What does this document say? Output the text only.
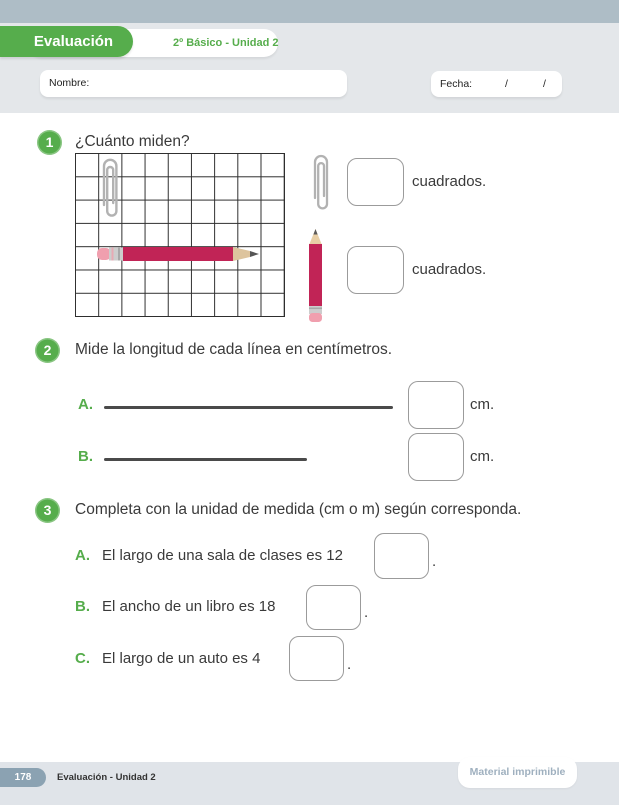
2º Básico - Unidad 2
Evaluación
Nombre:	Fecha:	/	/
1	¿Cuánto miden?
cuadrados.
cuadrados.
2	Mide la longitud de cada línea en centímetros.
A.	cm.
B.	cm.
3	Completa con la unidad de medida (cm o m) según corresponda.
A. El largo de una sala de clases es 12	.
B. El ancho de un libro es 18	.
C. El largo de un auto es 4	.
Material imprimible
178	Evaluación - Unidad 2
